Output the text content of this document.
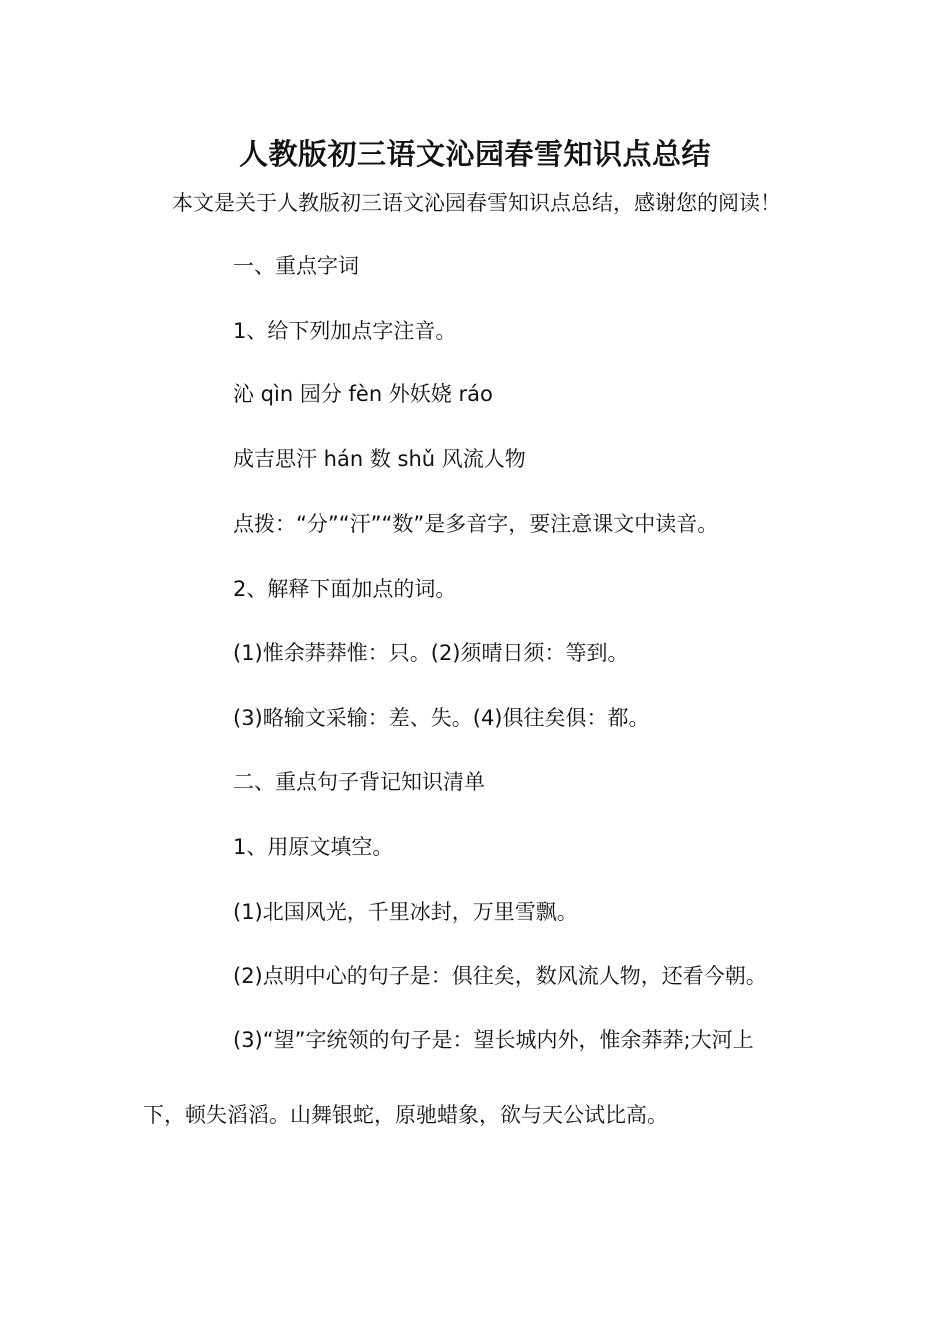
人教版初三语文沁园春雪知识点总结
本文是关于人教版初三语文沁园春雪知识点总结，感谢您的阅读！
一、重点字词
1、给下列加点字注音。
沁 qìn 园分 fèn 外妖娆 ráo
成吉思汗 hán 数 shǔ 风流人物
点拨：“分”“汗”“数”是多音字，要注意课文中读音。
2、解释下面加点的词。
(1)惟余莽莽惟：只。(2)须晴日须：等到。
(3)略输文采输：差、失。(4)俱往矣俱：都。
二、重点句子背记知识清单
1、用原文填空。
(1)北国风光，千里冰封，万里雪飘。
(2)点明中心的句子是：俱往矣，数风流人物，还看今朝。
(3)“望”字统领的句子是：望长城内外，惟余莽莽;大河上
下，顿失滔滔。山舞银蛇，原驰蜡象，欲与天公试比高。
